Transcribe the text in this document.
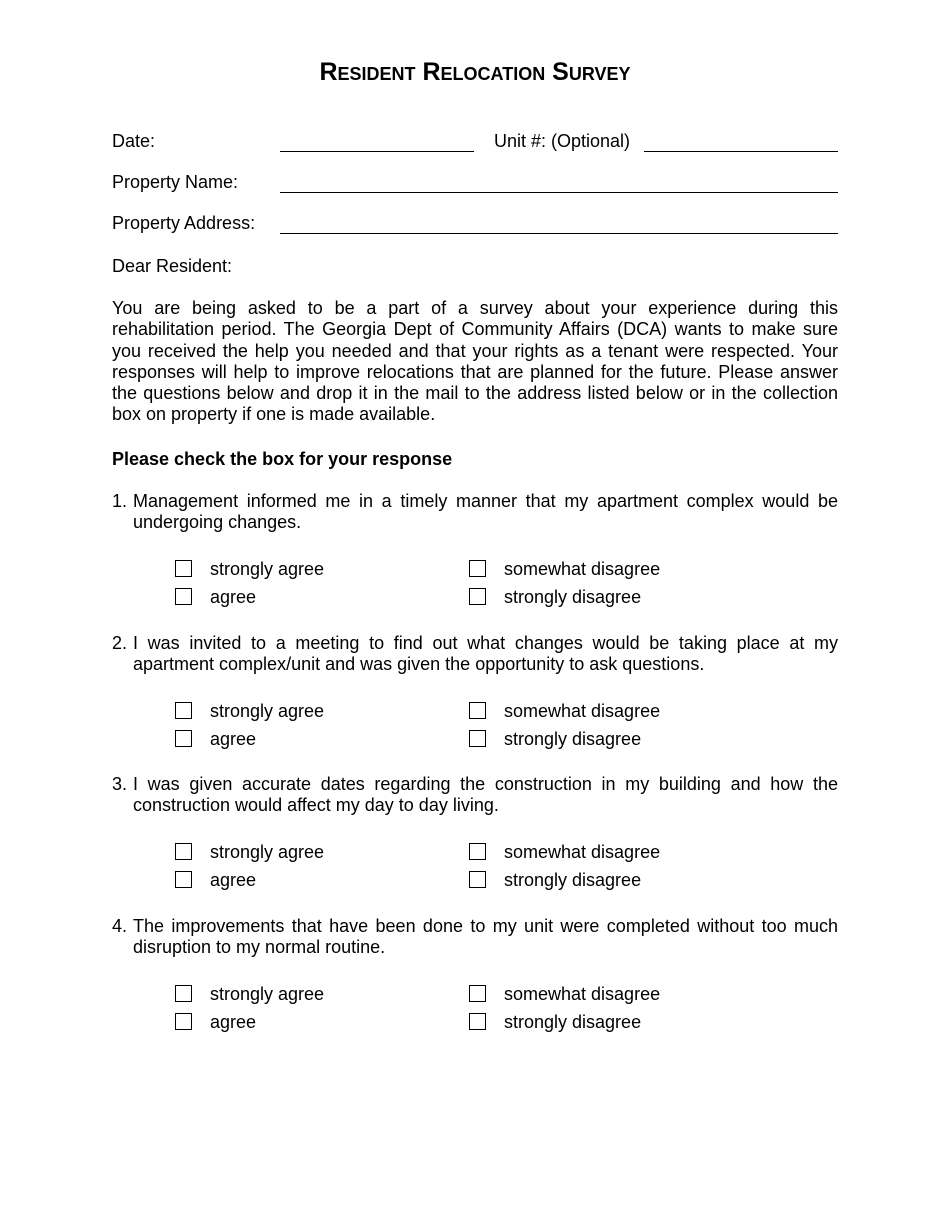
Resident Relocation Survey
Date:	Unit #: (Optional)
Property Name:
Property Address:
Dear Resident:
You are being asked to be a part of a survey about your experience during this rehabilitation period. The Georgia Dept of Community Affairs (DCA) wants to make sure you received the help you needed and that your rights as a tenant were respected. Your responses will help to improve relocations that are planned for the future. Please answer the questions below and drop it in the mail to the address listed below or in the collection box on property if one is made available.
Please check the box for your response
1. Management informed me in a timely manner that my apartment complex would be undergoing changes.
strongly agree
agree
somewhat disagree
strongly disagree
2. I was invited to a meeting to find out what changes would be taking place at my apartment complex/unit and was given the opportunity to ask questions.
strongly agree
agree
somewhat disagree
strongly disagree
3. I was given accurate dates regarding the construction in my building and how the construction would affect my day to day living.
strongly agree
agree
somewhat disagree
strongly disagree
4. The improvements that have been done to my unit were completed without too much disruption to my normal routine.
strongly agree
agree
somewhat disagree
strongly disagree
